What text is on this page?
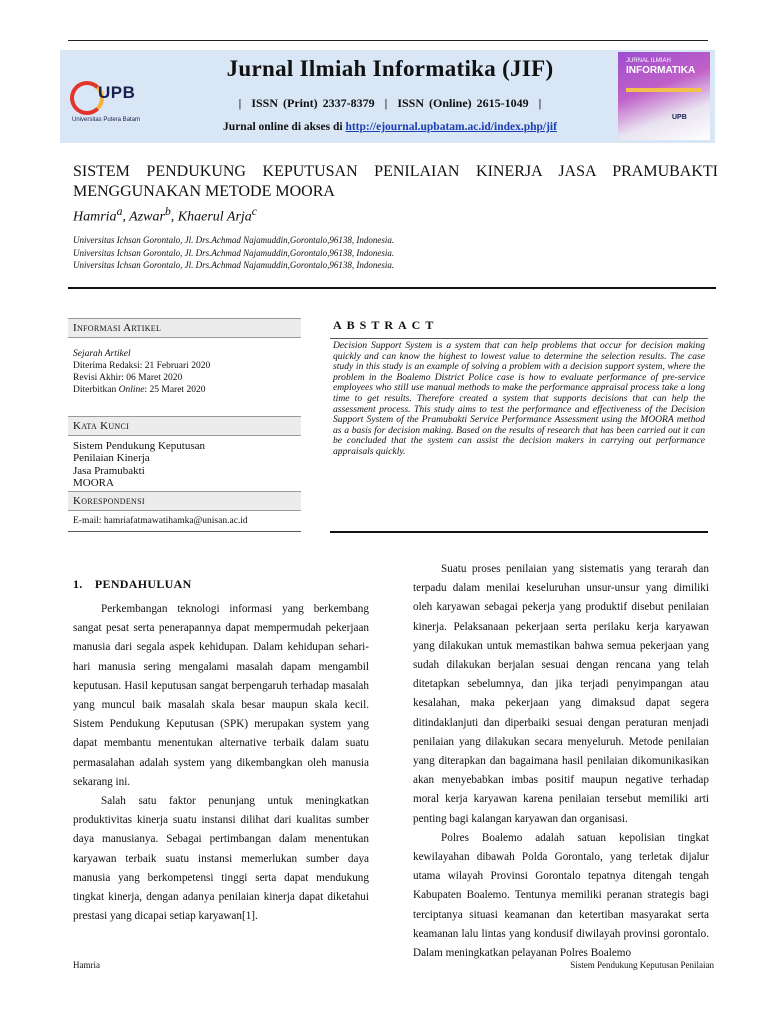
UPB
Universitas Putera Batam
Jurnal Ilmiah Informatika (JIF)
| ISSN (Print) 2337-8379 | ISSN (Online) 2615-1049 |
Jurnal online di akses di http://ejournal.upbatam.ac.id/index.php/jif
JURNAL ILMIAH
INFORMATIKA
UPB
SISTEM PENDUKUNG KEPUTUSAN PENILAIAN KINERJA JASA PRAMUBAKTI
MENGGUNAKAN METODE MOORA
Hamria$^a$, Azwar$^b$, Khaerul Arja$^c$
Universitas Ichsan Gorontalo, Jl. Drs.Achmad Najamuddin,Gorontalo,96138, Indonesia.
Universitas Ichsan Gorontalo, Jl. Drs.Achmad Najamuddin,Gorontalo,96138, Indonesia.
Universitas Ichsan Gorontalo, Jl. Drs.Achmad Najamuddin,Gorontalo,96138, Indonesia.
Informasi Artikel
Sejarah Artikel
Diterima Redaksi: 21 Februari 2020
Revisi Akhir: 06 Maret 2020
Diterbitkan Online: 25 Maret 2020
Kata Kunci
Sistem Pendukung Keputusan
Penilaian Kinerja
Jasa Pramubakti
MOORA
Korespondensi
E-mail: hamriafatmawatihamka@unisan.ac.id
ABSTRACT
Decision Support System is a system that can help problems that occur for decision making quickly and can know the highest to lowest value to determine the selection results. The case study in this study is an example of solving a problem with a decision support system, where the problem in the Boalemo District Police case is how to evaluate performance of pre-service employees who still use manual methods to make the performance appraisal process take a long time to get results. Therefore created a system that supports decisions that can help the assessment process. This study aims to test the performance and effectiveness of the Decision Support System of the Pramubakti Service Performance Assessment using the MOORA method as a basis for decision making. Based on the results of research that has been carried out it can be concluded that the system can assist the decision makers in carrying out performance appraisals quickly.
1. PENDAHULUAN

Perkembangan teknologi informasi yang berkembang sangat pesat serta penerapannya dapat mempermudah pekerjaan manusia dari segala aspek kehidupan. Dalam kehidupan sehari-hari manusia sering mengalami masalah dapam mengambil keputusan. Hasil keputusan sangat berpengaruh terhadap masalah yang muncul baik masalah skala besar maupun skala kecil. Sistem Pendukung Keputusan (SPK) merupakan system yang dapat membantu menentukan alternative terbaik dalam suatu permasalahan adalah system yang dikembangkan oleh manusia sekarang ini.

Salah satu faktor penunjang untuk meningkatkan produktivitas kinerja suatu instansi dilihat dari kualitas sumber daya manusianya. Sebagai pertimbangan dalam menentukan karyawan terbaik suatu instansi memerlukan sumber daya manusia yang berkompetensi tinggi serta dapat mendukung tingkat kinerja, dengan adanya penilaian kinerja dapat diketahui prestasi yang dicapai setiap karyawan[1].

Suatu proses penilaian yang sistematis yang terarah dan terpadu dalam menilai keseluruhan unsur-unsur yang dimiliki oleh karyawan sebagai pekerja yang produktif disebut penilaian kinerja. Pelaksanaan pekerjaan serta perilaku kerja karyawan yang dilakukan untuk memastikan bahwa semua pekerjaan yang sudah dilakukan berjalan sesuai dengan rencana yang telah ditetapkan sebelumnya, dan jika terjadi penyimpangan atau kesalahan, maka pekerjaan yang dimaksud dapat segera ditindaklanjuti dan diperbaiki sesuai dengan peraturan menjadi penilaian yang dilakukan secara menyeluruh. Metode penilaian yang diterapkan dan bagaimana hasil penilaian dikomunikasikan akan menyebabkan imbas positif maupun negative terhadap moral kerja karyawan karena penilaian tersebut memiliki arti penting bagi kalangan karyawan dan organisasi.

Polres Boalemo adalah satuan kepolisian tingkat kewilayahan dibawah Polda Gorontalo, yang terletak dijalur utama wilayah Provinsi Gorontalo tepatnya ditengah tengah Kabupaten Boalemo. Tentunya memiliki peranan strategis bagi terciptanya situasi keamanan dan ketertiban masyarakat serta keamanan lalu lintas yang kondusif diwilayah provinsi gorontalo. Dalam meningkatkan pelayanan Polres Boalemo

Hamria	Sistem Pendukung Keputusan Penilaian
